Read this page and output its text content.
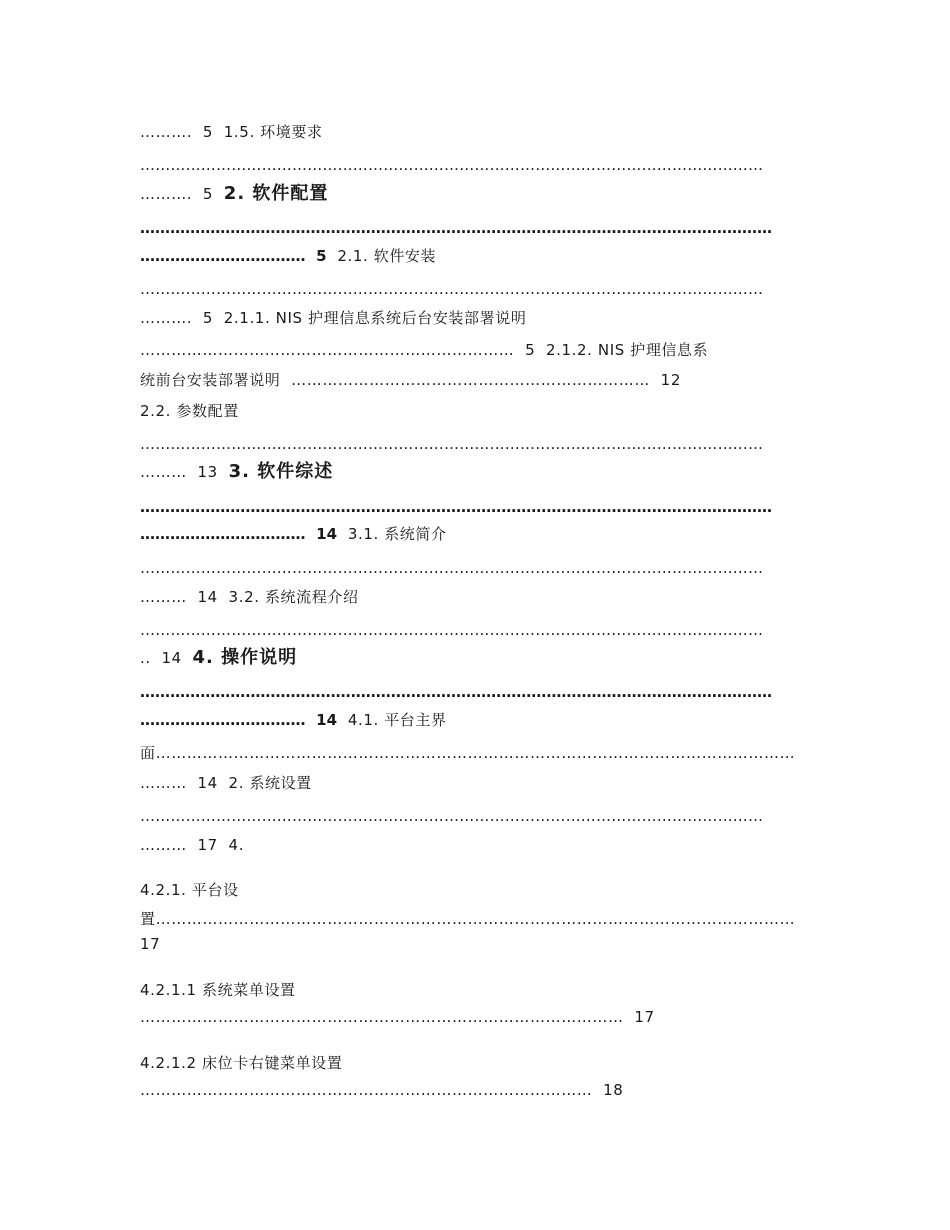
……….  5  1.5. 环境要求
……………………………………………………………………………………………………………
……….  5  2. 软件配置
………………………………………………………………………………………………………………
……………………………  5  2.1. 软件安装
……………………………………………………………………………………………………………
……….  5  2.1.1. NIS 护理信息系统后台安装部署说明
………………………………………………………………  5  2.1.2. NIS 护理信息系
统前台安装部署说明  ……………………………………………………………  12
2.2. 参数配置
……………………………………………………………………………………………………………
………  13  3. 软件综述
………………………………………………………………………………………………………………
……………………………  14  3.1. 系统简介
……………………………………………………………………………………………………………
………  14  3.2. 系统流程介绍
……………………………………………………………………………………………………………
..  14  4. 操作说明
………………………………………………………………………………………………………………
……………………………  14  4.1. 平台主界
面……………………………………………………………………………………………………………
………  14  2. 系统设置
……………………………………………………………………………………………………………
………  17  4.
4.2.1. 平台设
置……………………………………………………………………………………………………………
17
4.2.1.1 系统菜单设置
…………………………………………………………………………………  17
4.2.1.2 床位卡右键菜单设置
……………………………………………………………………………  18
